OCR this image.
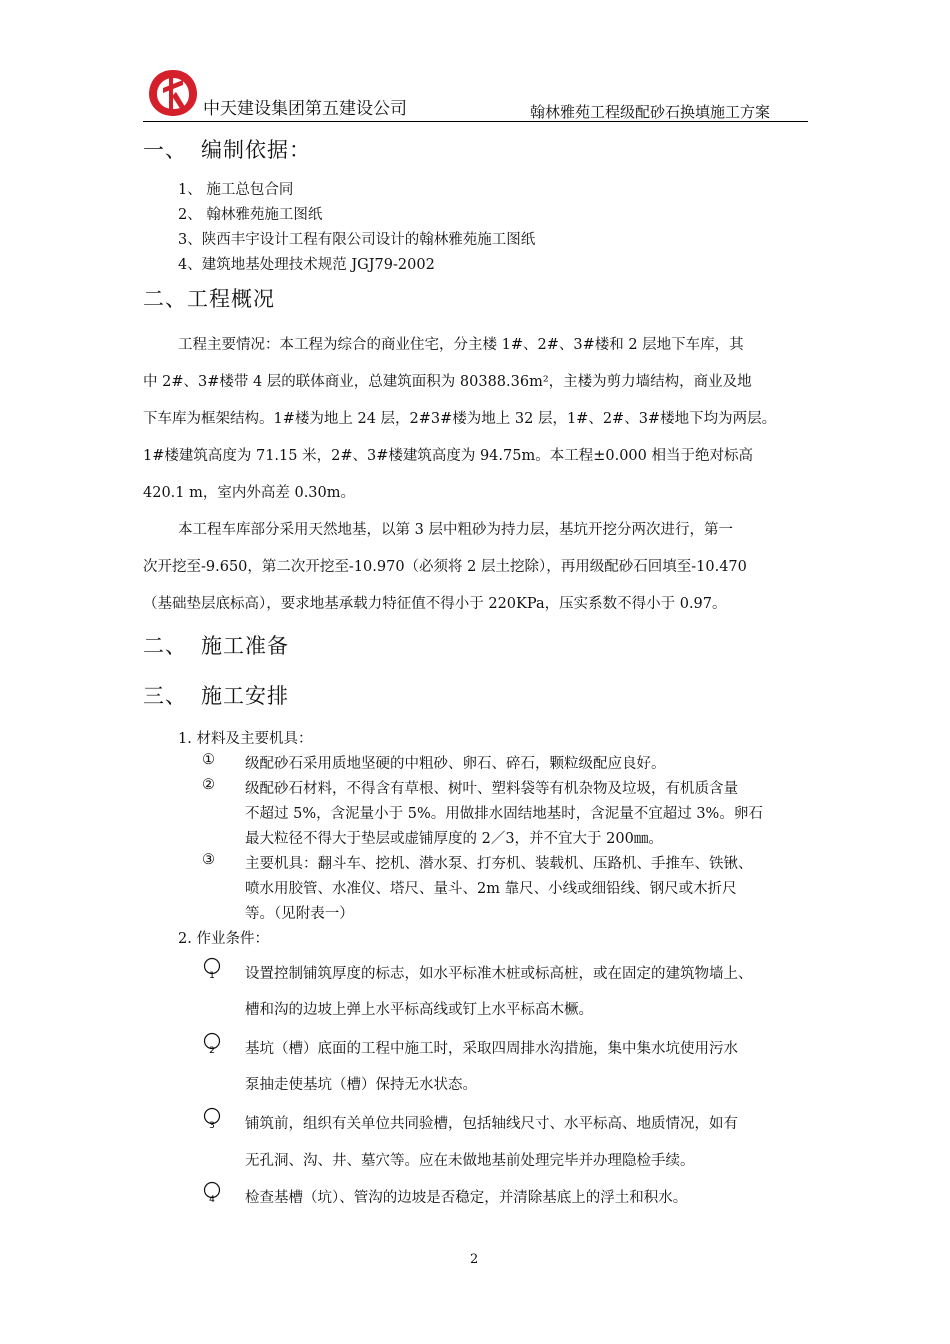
中天建设集团第五建设公司	翰林雅苑工程级配砂石换填施工方案
一、 编制依据：
1、 施工总包合同
2、 翰林雅苑施工图纸
3、陕西丰宇设计工程有限公司设计的翰林雅苑施工图纸
4、建筑地基处理技术规范 JGJ79-2002
二、工程概况
工程主要情况：本工程为综合的商业住宅，分主楼 1#、2#、3#楼和 2 层地下车库，其
中 2#、3#楼带 4 层的联体商业，总建筑面积为 80388.36m²，主楼为剪力墙结构，商业及地
下车库为框架结构。1#楼为地上 24 层，2#3#楼为地上 32 层，1#、2#、3#楼地下均为两层。
1#楼建筑高度为 71.15 米，2#、3#楼建筑高度为 94.75m。本工程±0.000 相当于绝对标高
420.1 m，室内外高差 0.30m。
本工程车库部分采用天然地基，以第 3 层中粗砂为持力层，基坑开挖分两次进行，第一
次开挖至-9.650，第二次开挖至-10.970（必须将 2 层土挖除），再用级配砂石回填至-10.470
（基础垫层底标高），要求地基承载力特征值不得小于 220KPa，压实系数不得小于 0.97。
二、 施工准备
三、 施工安排
1. 材料及主要机具：
① 级配砂石采用质地坚硬的中粗砂、卵石、碎石，颗粒级配应良好。
② 级配砂石材料，不得含有草根、树叶、塑料袋等有机杂物及垃圾，有机质含量
不超过 5%，含泥量小于 5%。用做排水固结地基时，含泥量不宜超过 3%。卵石
最大粒径不得大于垫层或虚铺厚度的 2／3，并不宜大于 200㎜。
③ 主要机具：翻斗车、挖机、潜水泵、打夯机、装载机、压路机、手推车、铁锹、
喷水用胶管、水准仪、塔尺、量斗、2m 靠尺、小线或细铅线、钢尺或木折尺
等。（见附表一）
2. 作业条件：
1 设置控制铺筑厚度的标志，如水平标准木桩或标高桩，或在固定的建筑物墙上、
槽和沟的边坡上弹上水平标高线或钉上水平标高木橛。
2 基坑（槽）底面的工程中施工时，采取四周排水沟措施，集中集水坑使用污水
泵抽走使基坑（槽）保持无水状态。
3 铺筑前，组织有关单位共同验槽，包括轴线尺寸、水平标高、地质情况，如有
无孔洞、沟、井、墓穴等。应在未做地基前处理完毕并办理隐检手续。
4 检查基槽（坑）、管沟的边坡是否稳定，并清除基底上的浮土和积水。
2
